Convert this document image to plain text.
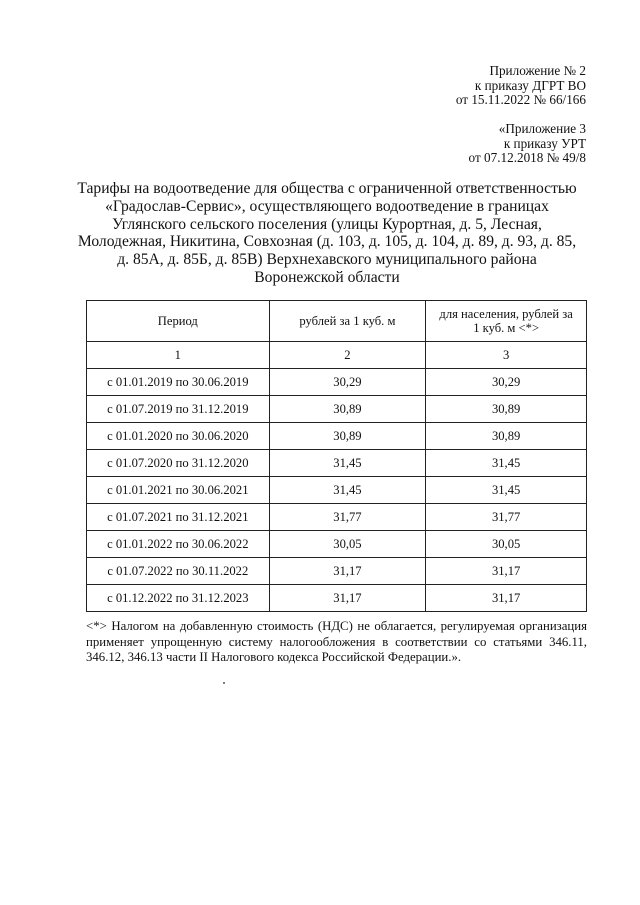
Приложение № 2
к приказу ДГРТ ВО
от 15.11.2022 № 66/166
«Приложение 3
к приказу УРТ
от 07.12.2018 № 49/8
Тарифы на водоотведение для общества с ограниченной ответственностью
«Градослав-Сервис», осуществляющего водоотведение в границах
Углянского сельского поселения (улицы Курортная, д. 5, Лесная,
Молодежная, Никитина, Совхозная (д. 103, д. 105, д. 104, д. 89, д. 93, д. 85,
д. 85А, д. 85Б, д. 85В) Верхнехавского муниципального района
Воронежской области
Период	рублей за 1 куб. м	для населения, рублей за
1 куб. м <*>

1	2	3
с 01.01.2019 по 30.06.2019	30,29	30,29
с 01.07.2019 по 31.12.2019	30,89	30,89
с 01.01.2020 по 30.06.2020	30,89	30,89
с 01.07.2020 по 31.12.2020	31,45	31,45
с 01.01.2021 по 30.06.2021	31,45	31,45
с 01.07.2021 по 31.12.2021	31,77	31,77
с 01.01.2022 по 30.06.2022	30,05	30,05
с 01.07.2022 по 30.11.2022	31,17	31,17
с 01.12.2022 по 31.12.2023	31,17	31,17
<*> Налогом на добавленную стоимость (НДС) не облагается, регулируемая организация применяет упрощенную систему налогообложения в соответствии со статьями 346.11, 346.12, 346.13 части II Налогового кодекса Российской Федерации.».
